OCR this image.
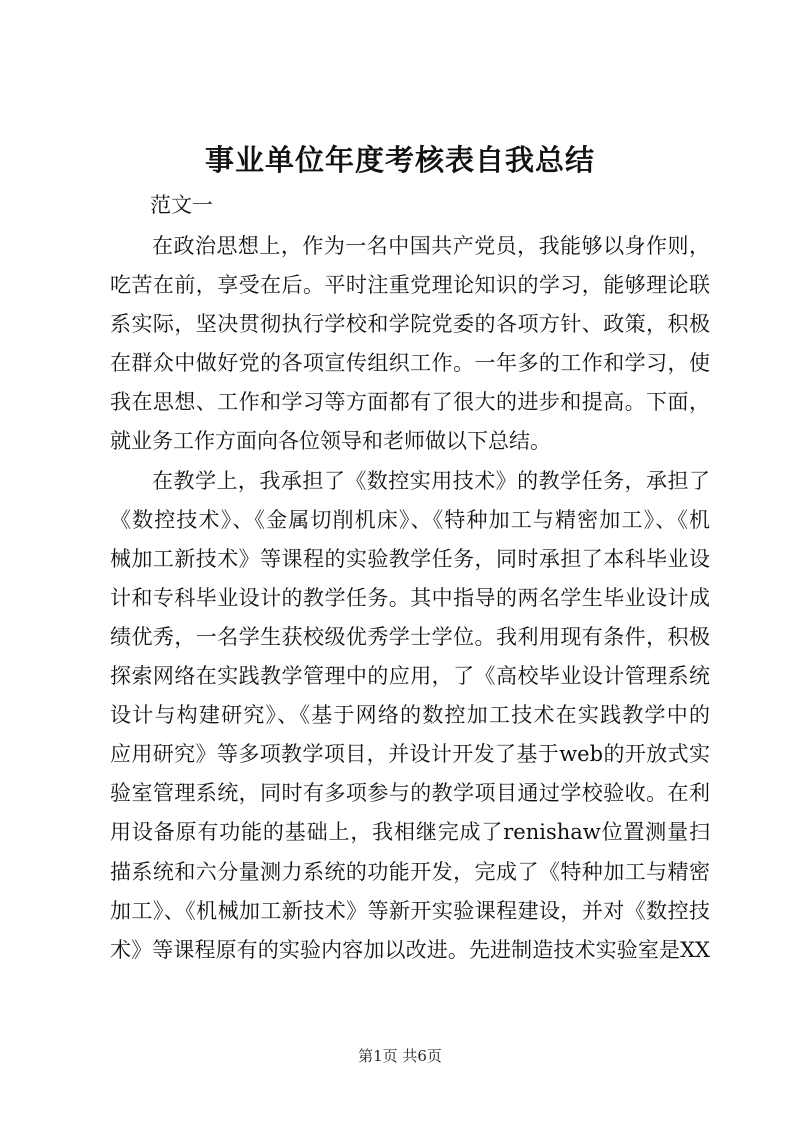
事业单位年度考核表自我总结

范文一

在政治思想上，作为一名中国共产党员，我能够以身作则，
吃苦在前，享受在后。平时注重党理论知识的学习，能够理论联
系实际，坚决贯彻执行学校和学院党委的各项方针、政策，积极
在群众中做好党的各项宣传组织工作。一年多的工作和学习，使
我在思想、工作和学习等方面都有了很大的进步和提高。下面，
就业务工作方面向各位领导和老师做以下总结。
在教学上，我承担了《数控实用技术》的教学任务，承担了
《数控技术》、《金属切削机床》、《特种加工与精密加工》、《机
械加工新技术》等课程的实验教学任务，同时承担了本科毕业设
计和专科毕业设计的教学任务。其中指导的两名学生毕业设计成
绩优秀，一名学生获校级优秀学士学位。我利用现有条件，积极
探索网络在实践教学管理中的应用，了《高校毕业设计管理系统
设计与构建研究》、《基于网络的数控加工技术在实践教学中的
应用研究》等多项教学项目，并设计开发了基于web的开放式实
验室管理系统，同时有多项参与的教学项目通过学校验收。在利
用设备原有功能的基础上，我相继完成了renishaw位置测量扫
描系统和六分量测力系统的功能开发，完成了《特种加工与精密
加工》、《机械加工新技术》等新开实验课程建设，并对《数控技
术》等课程原有的实验内容加以改进。先进制造技术实验室是XX

第1页 共6页
